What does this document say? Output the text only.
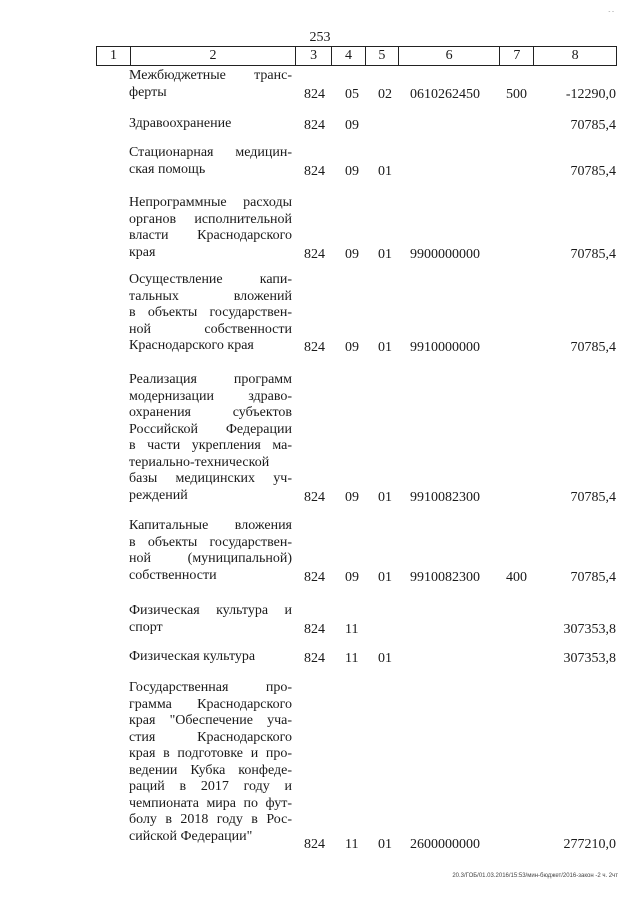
- -
253
1	2	3	4	5	6	7	8
Межбюджетные транс-
ферты	824 05 02 0610262450 500	-12290,0
Здравоохранение	824 09	70785,4
Стационарная медицин-
ская помощь	824 09 01	70785,4
Непрограммные расходы
органов исполнительной
власти Краснодарского
края	824 09 01 9900000000	70785,4
Осуществление капи-
тальных вложений
в объекты государствен-
ной собственности
Краснодарского края	824 09 01 9910000000	70785,4
Реализация программ
модернизации здраво-
охранения субъектов
Российской Федерации
в части укрепления ма-
териально-технической
базы медицинских уч-
реждений	824 09 01 9910082300	70785,4
Капитальные вложения
в объекты государствен-
ной (муниципальной)
собственности	824 09 01 9910082300 400	70785,4
Физическая культура и
спорт	824 11	307353,8
Физическая культура	824 11 01	307353,8
Государственная про-
грамма Краснодарского
края "Обеспечение уча-
стия Краснодарского
края в подготовке и про-
ведении Кубка конфеде-
раций в 2017 году и
чемпионата мира по фут-
болу в 2018 году в Рос-
сийской Федерации"
824 11 01 2600000000	277210,0
20.3/ГОБ/01.03.2016/15:53/мин-бюджет/2016-закон -2 ч. 2чт
